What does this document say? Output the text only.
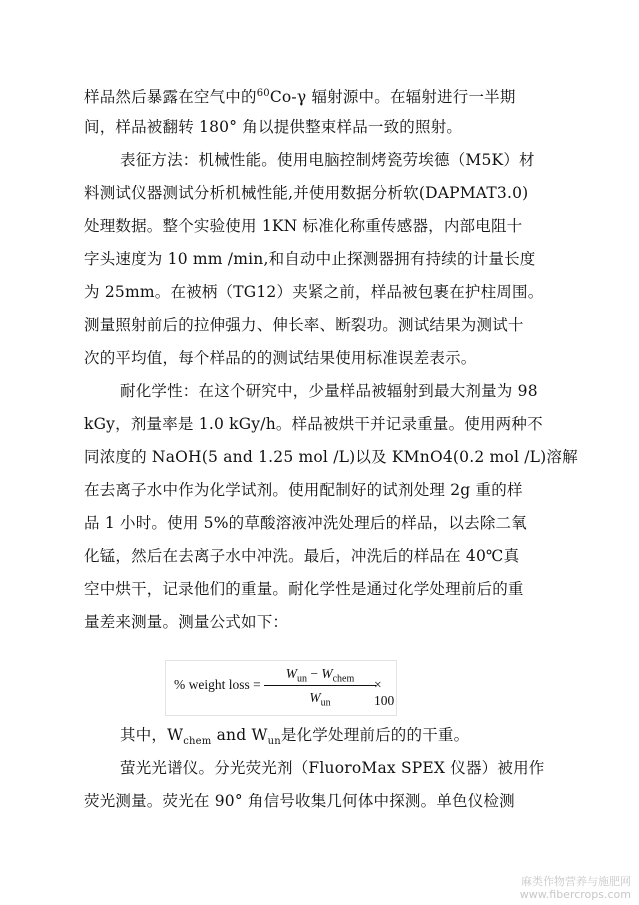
样品然后暴露在空气中的$^{60}$Co-γ 辐射源中。在辐射进行一半期
间，样品被翻转 180° 角以提供整束样品一致的照射。
表征方法：机械性能。使用电脑控制烤瓷劳埃德（M5K）材
料测试仪器测试分析机械性能,并使用数据分析软(DAPMAT3.0)
处理数据。整个实验使用 1KN 标准化称重传感器，内部电阻十
字头速度为 10 mm /min,和自动中止探测器拥有持续的计量长度
为 25mm。在被柄（TG12）夹紧之前，样品被包裹在护柱周围。
测量照射前后的拉伸强力、伸长率、断裂功。测试结果为测试十
次的平均值，每个样品的的测试结果使用标准误差表示。
耐化学性：在这个研究中，少量样品被辐射到最大剂量为 98
kGy，剂量率是 1.0 kGy/h。样品被烘干并记录重量。使用两种不
同浓度的 NaOH(5 and 1.25 mol /L)以及 KMnO4(0.2 mol /L)溶解
在去离子水中作为化学试剂。使用配制好的试剂处理 2g 重的样
品 1 小时。使用 5%的草酸溶液冲洗处理后的样品，以去除二氧
化锰，然后在去离子水中冲洗。最后，冲洗后的样品在 40℃真
空中烘干，记录他们的重量。耐化学性是通过化学处理前后的重
量差来测量。测量公式如下：
% weight loss =
$W_{un} - W_{chem}$
$W_{un}$
× 100
其中，$W_{chem}$ and $W_{un}$是化学处理前后的的干重。
萤光光谱仪。分光荧光剂（FluoroMax SPEX 仪器）被用作
荧光测量。荧光在 90° 角信号收集几何体中探测。单色仪检测
麻类作物营养与施肥网
www.fibercrops.com
